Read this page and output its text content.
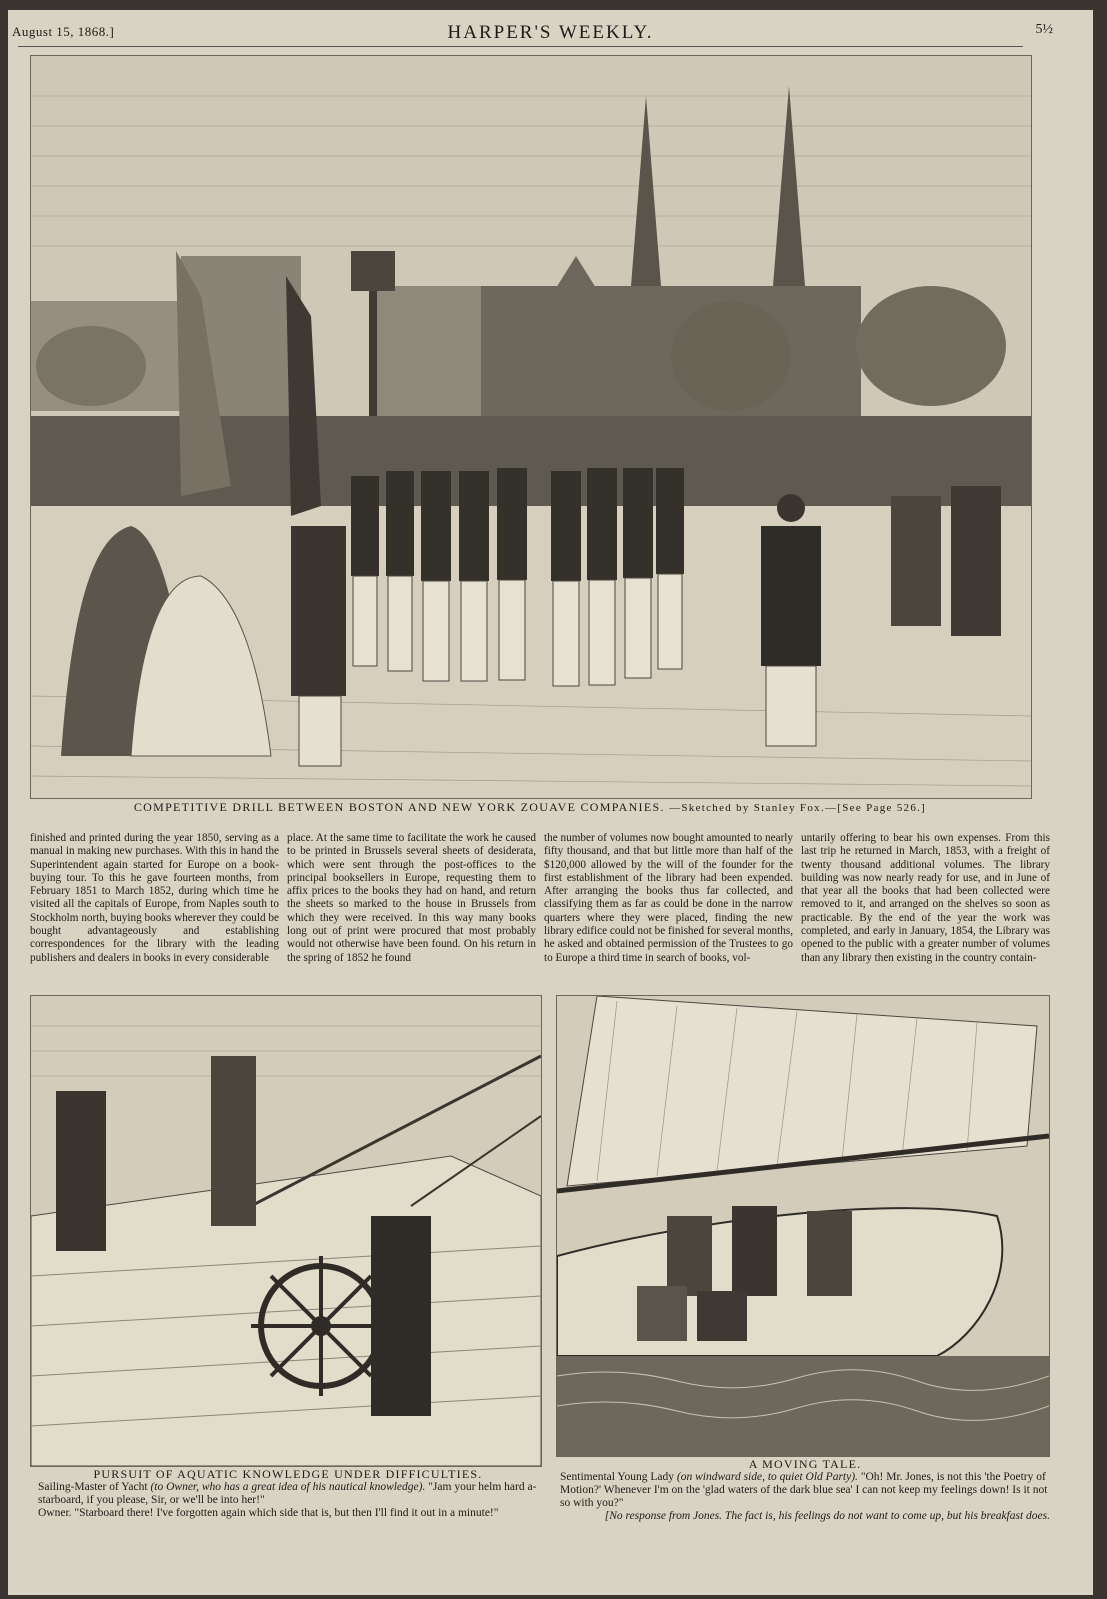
August 15, 1868.]	HARPER'S WEEKLY.	5½
COMPETITIVE DRILL BETWEEN BOSTON AND NEW YORK ZOUAVE COMPANIES. —Sketched by Stanley Fox.—[See Page 526.]
finished and printed during the year 1850, serving as a manual in making new purchases. With this in hand the Superintendent again started for Europe on a book-buying tour. To this he gave fourteen months, from February 1851 to March 1852, during which time he visited all the capitals of Europe, from Naples south to Stockholm north, buying books wherever they could be bought advantageously and establishing correspondences for the library with the leading publishers and dealers in books in every considerable
place. At the same time to facilitate the work he caused to be printed in Brussels several sheets of desiderata, which were sent through the post-offices to the principal booksellers in Europe, requesting them to affix prices to the books they had on hand, and return the sheets so marked to the house in Brussels from which they were received. In this way many books long out of print were procured that most probably would not otherwise have been found. On his return in the spring of 1852 he found
the number of volumes now bought amounted to nearly fifty thousand, and that but little more than half of the $120,000 allowed by the will of the founder for the first establishment of the library had been expended. After arranging the books thus far collected, and classifying them as far as could be done in the narrow quarters where they were placed, finding the new library edifice could not be finished for several months, he asked and obtained permission of the Trustees to go to Europe a third time in search of books, vol-
untarily offering to bear his own expenses. From this last trip he returned in March, 1853, with a freight of twenty thousand additional volumes. The library building was now nearly ready for use, and in June of that year all the books that had been collected were removed to it, and arranged on the shelves so soon as practicable. By the end of the year the work was completed, and early in January, 1854, the Library was opened to the public with a greater number of volumes than any library then existing in the country contain-
PURSUIT OF AQUATIC KNOWLEDGE UNDER DIFFICULTIES.
Sailing-Master of Yacht (to Owner, who has a great idea of his nautical knowledge). "Jam your helm hard a-starboard, if you please, Sir, or we'll be into her!"
Owner. "Starboard there! I've forgotten again which side that is, but then I'll find it out in a minute!"
A MOVING TALE.
Sentimental Young Lady (on windward side, to quiet Old Party). "Oh! Mr. Jones, is not this 'the Poetry of Motion?' Whenever I'm on the 'glad waters of the dark blue sea' I can not keep my feelings down! Is it not so with you?"
[No response from Jones. The fact is, his feelings do not want to come up, but his breakfast does.
